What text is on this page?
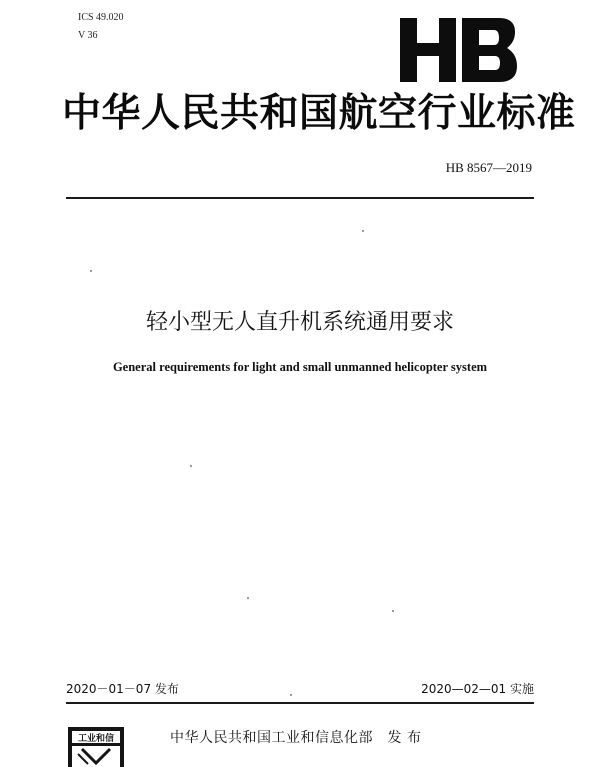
ICS 49.020
V 36
中华人民共和国航空行业标准
HB 8567—2019
轻小型无人直升机系统通用要求
General requirements for light and small unmanned helicopter system
2020－01－07 发布	2020—02—01 实施
工业和信	中华人民共和国工业和信息化部　发 布
